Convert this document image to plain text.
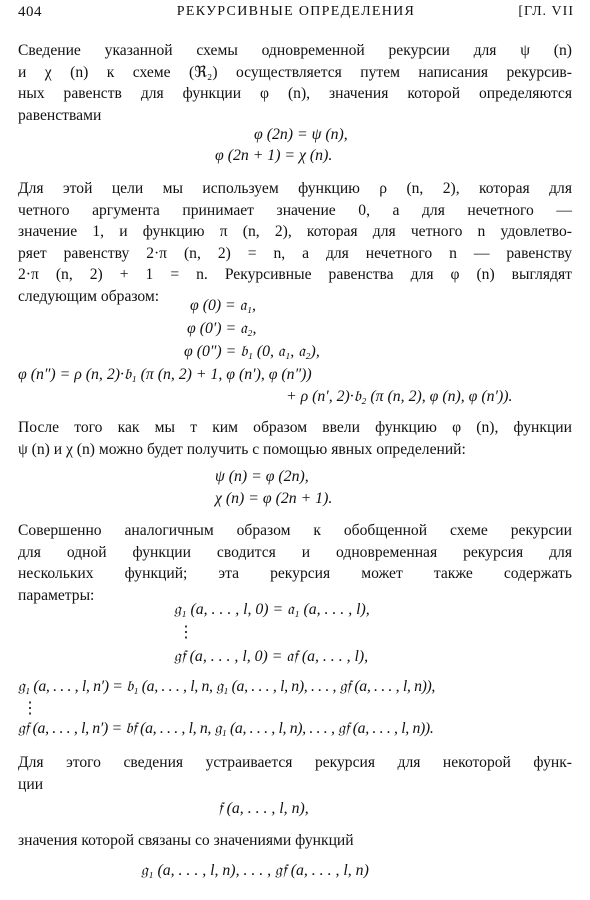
404	РЕКУРСИВНЫЕ ОПРЕДЕЛЕНИЯ	[ГЛ. VII
Сведение указанной схемы одновременной рекурсии для ψ (n)
и χ (n) к схеме (ℜ₂) осуществляется путем написания рекурсив-
ных равенств для функции φ (n), значения которой определяются
равенствами
φ (2n) = ψ (n),
φ (2n + 1) = χ (n).
Для этой цели мы используем функцию ρ (n, 2), которая для
четного аргумента принимает значение 0, а для нечетного —
значение 1, и функцию π (n, 2), которая для четного n удовлетво-
ряет равенству 2·π (n, 2) = n, а для нечетного n — равенству
2·π (n, 2) + 1 = n. Рекурсивные равенства для φ (n) выглядят
следующим образом:
φ (0) = 𝔞₁,
φ (0′) = 𝔞₂,
φ (0″) = 𝔟₁ (0, 𝔞₁, 𝔞₂),
φ (n″) = ρ (n, 2)·𝔟₁ (π (n, 2) + 1, φ (n′), φ (n″))
+ ρ (n′, 2)·𝔟₂ (π (n, 2), φ (n), φ (n′)).
После того как мы т ким образом ввели функцию φ (n), функции
ψ (n) и χ (n) можно будет получить с помощью явных определений:
ψ (n) = φ (2n),
χ (n) = φ (2n + 1).
Совершенно аналогичным образом к обобщенной схеме рекурсии
для одной функции сводится и одновременная рекурсия для
нескольких функций; эта рекурсия может также содержать
параметры:
𝔤₁ (a, . . . , l, 0) = 𝔞₁ (a, . . . , l),
⋮
𝔤𝔣 (a, . . . , l, 0) = 𝔞𝔣 (a, . . . , l),
𝔤₁ (a, . . . , l, n′) = 𝔟₁ (a, . . . , l, n, 𝔤₁ (a, . . . , l, n), . . . , 𝔤𝔣 (a, . . . , l, n)),
⋮
𝔤𝔣 (a, . . . , l, n′) = 𝔟𝔣 (a, . . . , l, n, 𝔤₁ (a, . . . , l, n), . . . , 𝔤𝔣 (a, . . . , l, n)).
Для этого сведения устраивается рекурсия для некоторой функ-
ции
𝔣 (a, . . . , l, n),
значения которой связаны со значениями функций
𝔤₁ (a, . . . , l, n), . . . , 𝔤𝔣 (a, . . . , l, n)
